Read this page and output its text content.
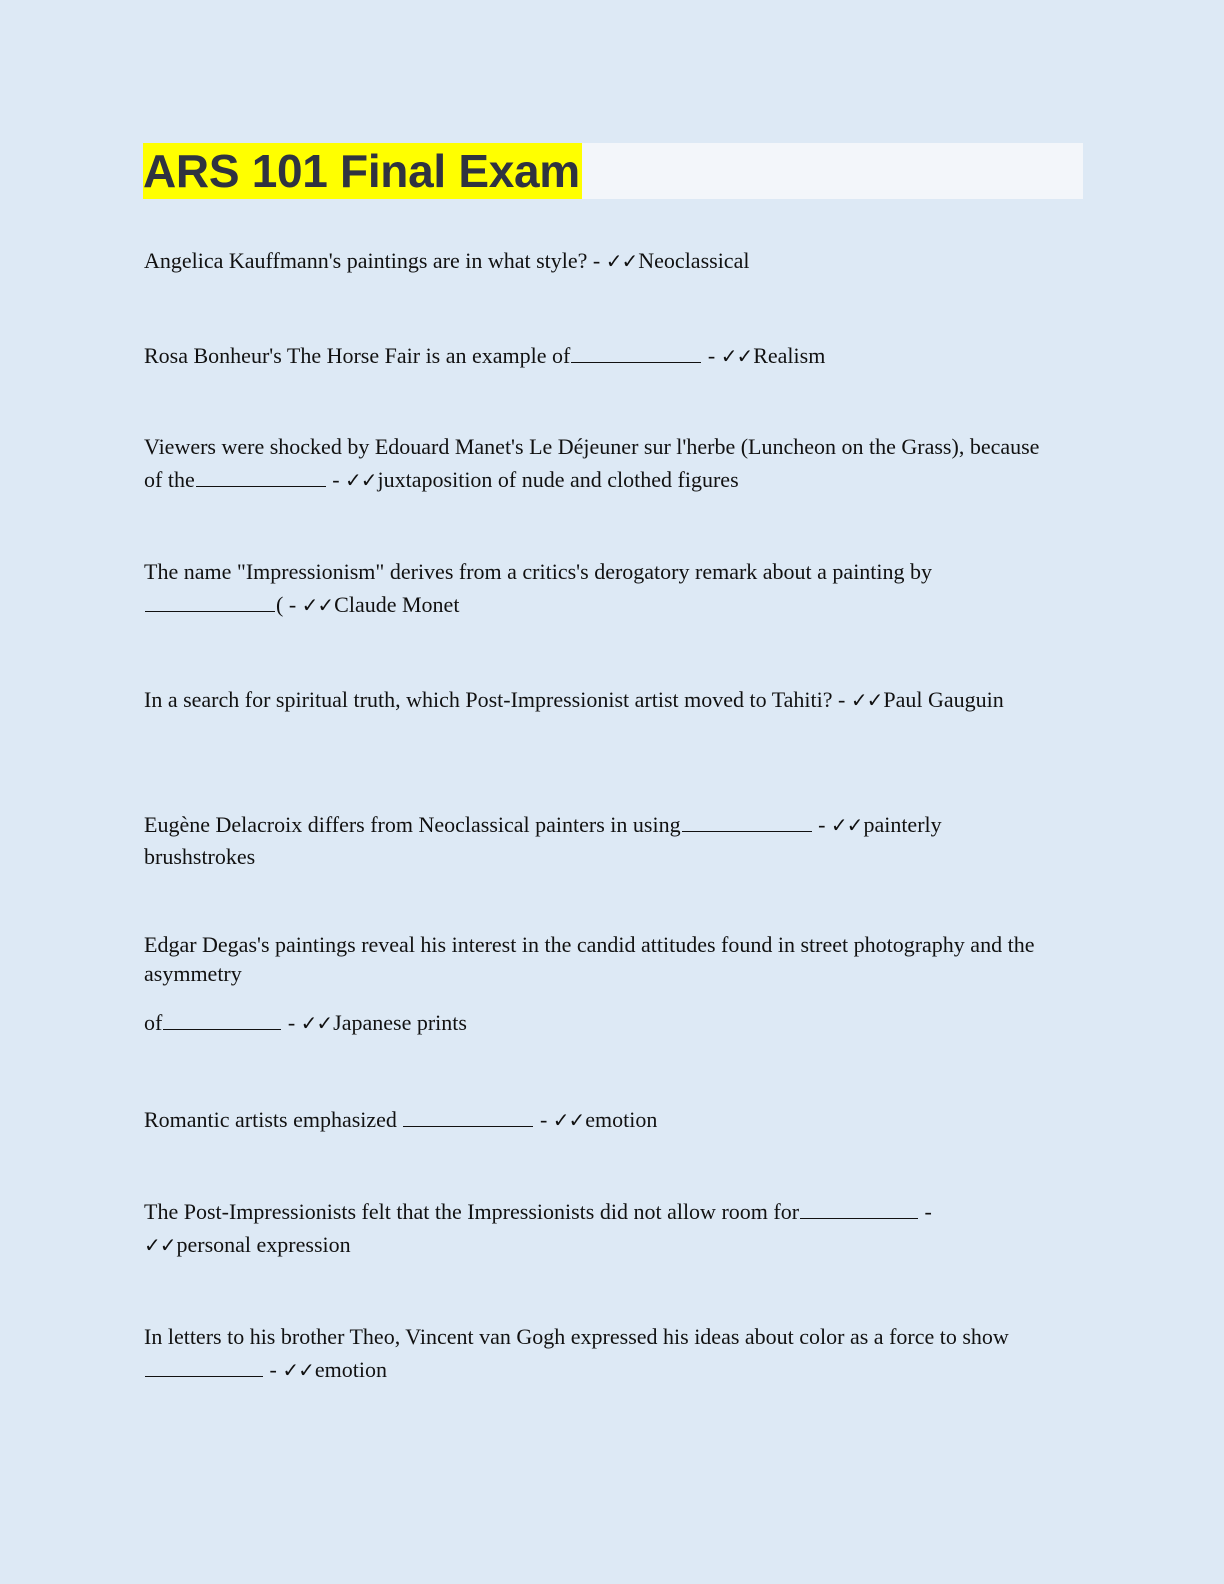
ARS 101 Final Exam

Angelica Kauffmann's paintings are in what style? - ✓✓Neoclassical

Rosa Bonheur's The Horse Fair is an example of	- ✓✓Realism

Viewers were shocked by Edouard Manet's Le Déjeuner sur l'herbe (Luncheon on the Grass), because of the	- ✓✓juxtaposition of nude and clothed figures

The name "Impressionism" derives from a critics's derogatory remark about a painting by( - ✓✓Claude Monet

In a search for spiritual truth, which Post-Impressionist artist moved to Tahiti? - ✓✓Paul Gauguin

Eugène Delacroix differs from Neoclassical painters in using	- ✓✓painterly brushstrokes

Edgar Degas's paintings reveal his interest in the candid attitudes found in street photography and the asymmetry

of	- ✓✓Japanese prints

Romantic artists emphasized	- ✓✓emotion

The Post-Impressionists felt that the Impressionists did not allow room for	- ✓✓personal expression

In letters to his brother Theo, Vincent van Gogh expressed his ideas about color as a force to show - ✓✓emotion
